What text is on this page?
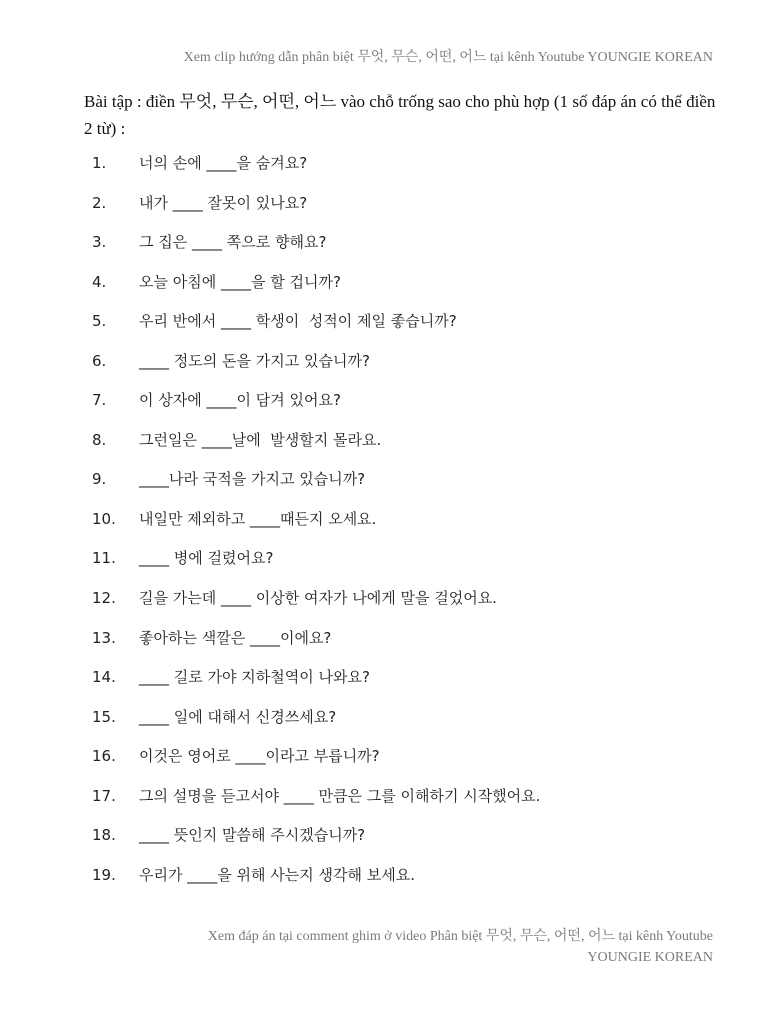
Xem clip hướng dẫn phân biệt 무엇, 무슨, 어떤, 어느 tại kênh Youtube YOUNGIE KOREAN
Bài tập : điền 무엇, 무슨, 어떤, 어느 vào chỗ trống sao cho phù hợp (1 số đáp án có thể điền 2 từ) :
1.	너의 손에 ____을 숨겨요?
2.	내가 ____ 잘못이 있나요?
3.	그 집은 ____ 쪽으로 향해요?
4.	오늘 아침에 ____을 할 겁니까?
5.	우리 반에서 ____ 학생이  성적이 제일 좋습니까?
6.	____ 정도의 돈을 가지고 있습니까?
7.	이 상자에 ____이 담겨 있어요?
8.	그런일은 ____날에  발생할지 몰라요.
9.	____나라 국적을 가지고 있습니까?
10.	내일만 제외하고 ____때든지 오세요.
11.	____ 병에 걸렸어요?
12.	길을 가는데 ____ 이상한 여자가 나에게 말을 걸었어요.
13.	좋아하는 색깔은 ____이에요?
14.	____ 길로 가야 지하철역이 나와요?
15.	____ 일에 대해서 신경쓰세요?
16.	이것은 영어로 ____이라고 부릅니까?
17.	그의 설명을 듣고서야 ____ 만큼은 그를 이해하기 시작했어요.
18.	____ 뜻인지 말씀해 주시겠습니까?
19.	우리가 ____을 위해 사는지 생각해 보세요.
Xem đáp án tại comment ghim ở video Phân biệt 무엇, 무슨, 어떤, 어느 tại kênh Youtube
YOUNGIE KOREAN
